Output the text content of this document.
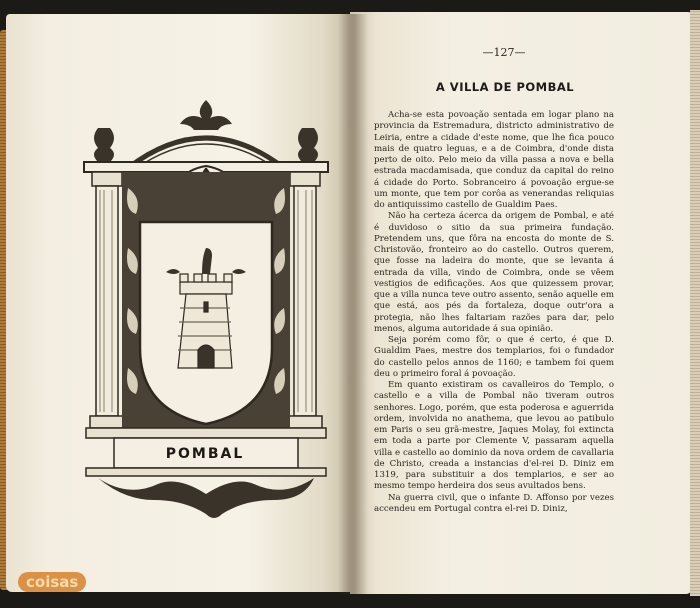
POMBAL
—127—
A VILLA DE POMBAL

Acha-se esta povoação sentada em logar plano na provincia da Estremadura, districto administrativo de Leiria, entre a cidade d'este nome, que lhe fica pouco mais de quatro leguas, e a de Coimbra, d'onde dista perto de oito. Pelo meio da villa passa a nova e bella estrada macdamisada, que conduz da capital do reino á cidade do Porto. Sobranceiro á povoação ergue-se um monte, que tem por corôa as venerandas reliquias do antiquissimo castello de Gualdim Paes.

Não ha certeza ácerca da origem de Pombal, e até é duvidoso o sitio da sua primeira fundação. Pretendem uns, que fôra na encosta do monte de S. Christovão, fronteiro ao do castello. Outros querem, que fosse na ladeira do monte, que se levanta á entrada da villa, vindo de Coimbra, onde se vêem vestigios de edificações. Aos que quizessem provar, que a villa nunca teve outro assento, senão aquelle em que está, aos pés da fortaleza, doque outr'ora a protegia, não lhes faltariam razões para dar, pelo menos, alguma autoridade á sua opinião.

Seja porém como fôr, o que é certo, é que D. Gualdim Paes, mestre dos templarios, foi o fundador do castello pelos annos de 1160; e tambem foi quem deu o primeiro foral á povoação.

Em quanto existiram os cavalleiros do Templo, o castello e a villa de Pombal não tiveram outros senhores. Logo, porém, que esta poderosa e aguerrida ordem, involvida no anathema, que levou ao patibulo em Paris o seu grã-mestre, Jaques Molay, foi extincta em toda a parte por Clemente V, passaram aquella villa e castello ao dominio da nova ordem de cavallaria de Christo, creada a instancias d'el-rei D. Diniz em 1319, para substituir a dos templarios, e ser ao mesmo tempo herdeira dos seus avultados bens.

Na guerra civil, que o infante D. Affonso por vezes accendeu em Portugal contra el-rei D. Diniz,

coisas
